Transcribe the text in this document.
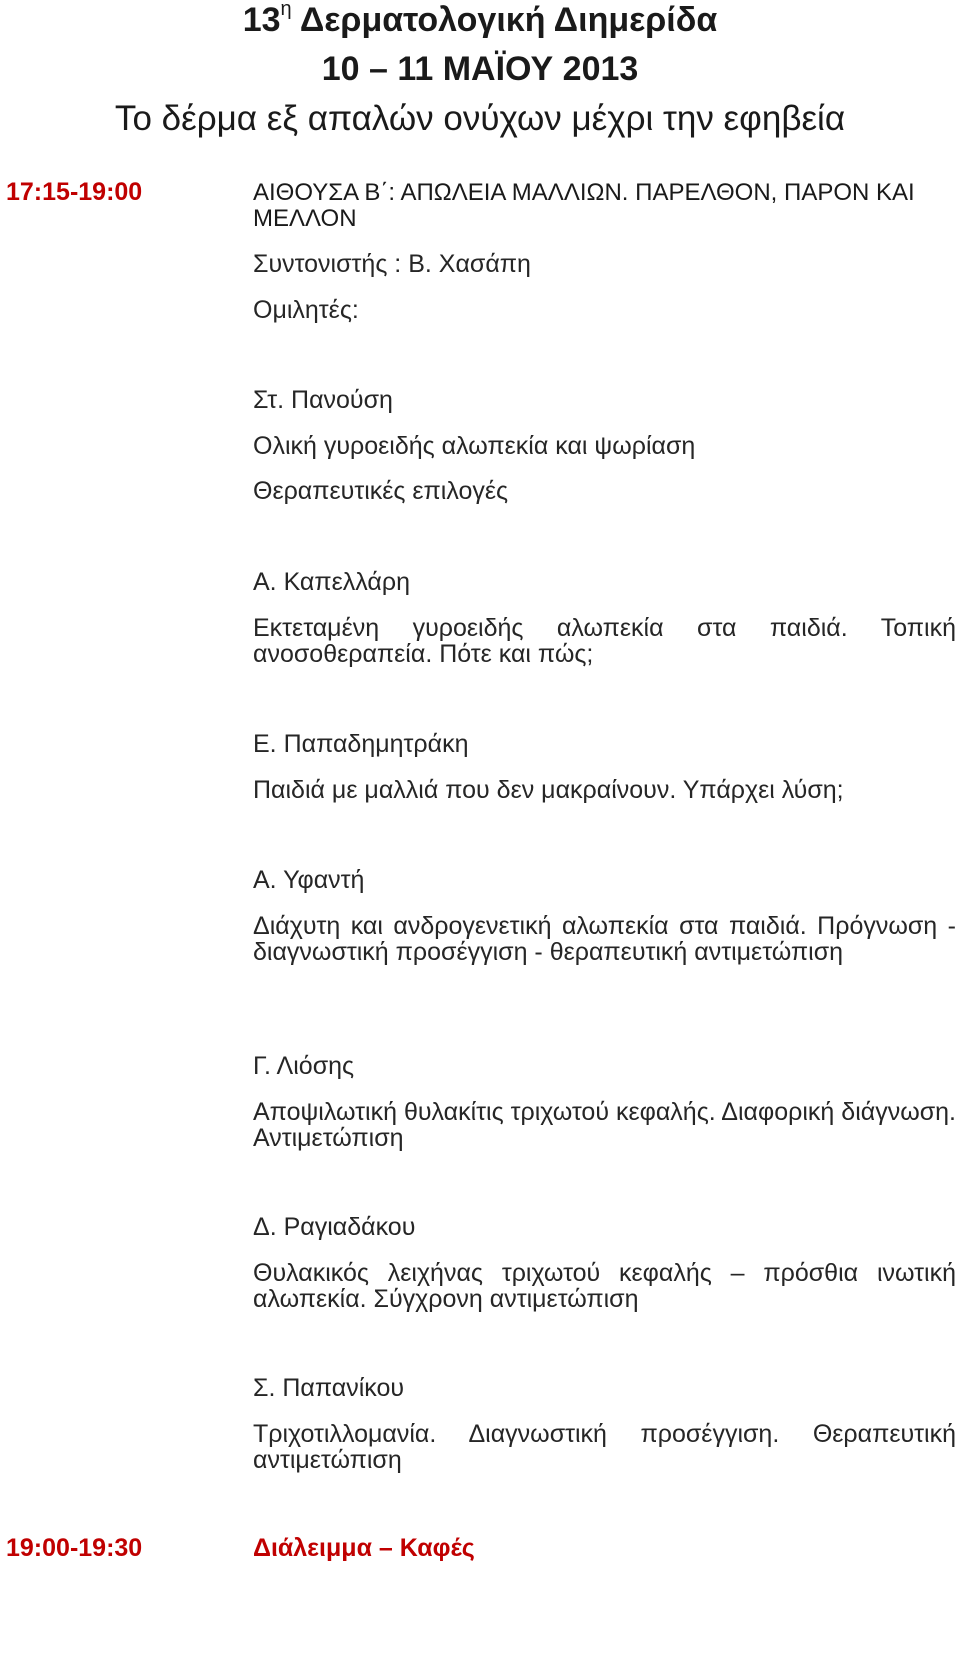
$13^\eta$ Δερματολογική Διημερίδα
10 – 11 ΜΑΪΟΥ 2013
Το δέρμα εξ απαλών ονύχων μέχρι την εφηβεία
17:15-19:00	ΑΙΘΟΥΣΑ Β΄: ΑΠΩΛΕΙΑ ΜΑΛΛΙΩΝ. ΠΑΡΕΛΘΟΝ, ΠΑΡΟΝ ΚΑΙ ΜΕΛΛΟΝ
Συντονιστής : Β. Χασάπη
Ομιλητές:
Στ. Πανούση
Ολική γυροειδής αλωπεκία και ψωρίαση
Θεραπευτικές επιλογές
Α. Καπελλάρη
Εκτεταμένη γυροειδής αλωπεκία στα παιδιά. Τοπική ανοσοθεραπεία. Πότε και πώς;
Ε. Παπαδημητράκη
Παιδιά με μαλλιά που δεν μακραίνουν. Υπάρχει λύση;
Α. Υφαντή
Διάχυτη και ανδρογενετική αλωπεκία στα παιδιά. Πρόγνωση - διαγνωστική προσέγγιση - θεραπευτική αντιμετώπιση
Γ. Λιόσης
Αποψιλωτική θυλακίτις τριχωτού κεφαλής. Διαφορική διάγνωση. Αντιμετώπιση
Δ. Ραγιαδάκου
Θυλακικός λειχήνας τριχωτού κεφαλής – πρόσθια ινωτική αλωπεκία. Σύγχρονη αντιμετώπιση
Σ. Παπανίκου
Τριχοτιλλομανία. Διαγνωστική προσέγγιση. Θεραπευτική αντιμετώπιση
19:00-19:30	Διάλειμμα – Καφές
